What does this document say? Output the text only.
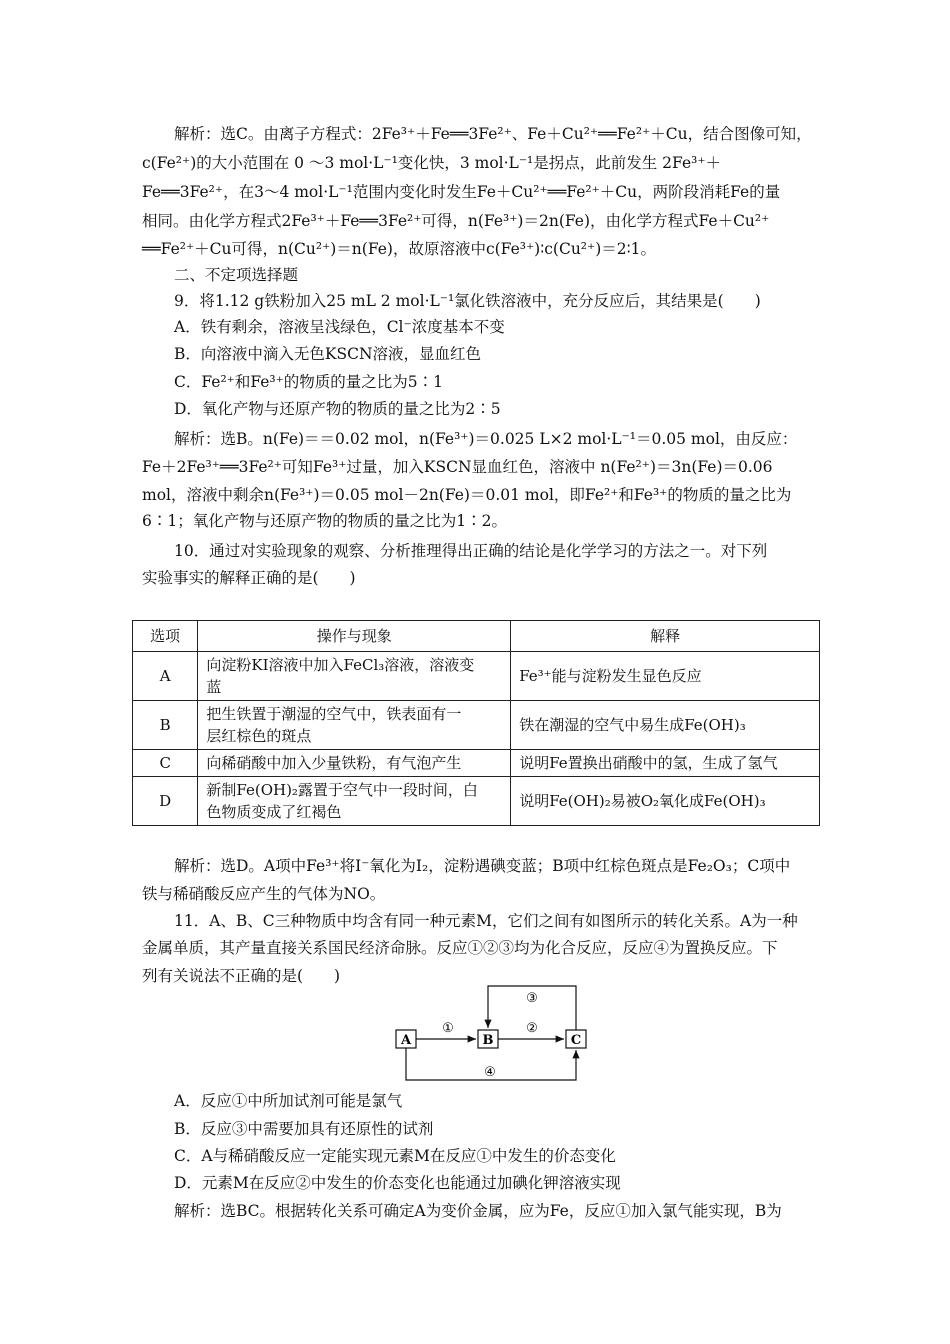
解析：选C。由离子方程式：2Fe³⁺＋Fe══3Fe²⁺、Fe＋Cu²⁺══Fe²⁺＋Cu，结合图像可知，
c(Fe²⁺)的大小范围在 0 ～3 mol·L⁻¹变化快，3 mol·L⁻¹是拐点，此前发生 2Fe³⁺＋
Fe══3Fe²⁺，在3～4 mol·L⁻¹范围内变化时发生Fe＋Cu²⁺══Fe²⁺＋Cu，两阶段消耗Fe的量
相同。由化学方程式2Fe³⁺＋Fe══3Fe²⁺可得，n(Fe³⁺)＝2n(Fe)，由化学方程式Fe＋Cu²⁺
══Fe²⁺＋Cu可得，n(Cu²⁺)＝n(Fe)，故原溶液中c(Fe³⁺)∶c(Cu²⁺)＝2∶1。
二、不定项选择题
9．将1.12 g铁粉加入25 mL 2 mol·L⁻¹氯化铁溶液中，充分反应后，其结果是(　　)
A．铁有剩余，溶液呈浅绿色，Cl⁻浓度基本不变
B．向溶液中滴入无色KSCN溶液，显血红色
C．Fe²⁺和Fe³⁺的物质的量之比为5∶1
D．氧化产物与还原产物的物质的量之比为2∶5
解析：选B。n(Fe)＝＝0.02 mol，n(Fe³⁺)＝0.025 L×2 mol·L⁻¹＝0.05 mol，由反应：
Fe＋2Fe³⁺══3Fe²⁺可知Fe³⁺过量，加入KSCN显血红色，溶液中 n(Fe²⁺)＝3n(Fe)＝0.06
mol，溶液中剩余n(Fe³⁺)＝0.05 mol－2n(Fe)＝0.01 mol，即Fe²⁺和Fe³⁺的物质的量之比为
6∶1；氧化产物与还原产物的物质的量之比为1∶2。
10．通过对实验现象的观察、分析推理得出正确的结论是化学学习的方法之一。对下列
实验事实的解释正确的是(　　)
选项	操作与现象	解释
A	向淀粉KI溶液中加入FeCl₃溶液，溶液变
蓝	Fe³⁺能与淀粉发生显色反应
B	把生铁置于潮湿的空气中，铁表面有一
层红棕色的斑点	铁在潮湿的空气中易生成Fe(OH)₃
C	向稀硝酸中加入少量铁粉，有气泡产生	说明Fe置换出硝酸中的氢，生成了氢气
D	新制Fe(OH)₂露置于空气中一段时间，白
色物质变成了红褐色	说明Fe(OH)₂易被O₂氧化成Fe(OH)₃
解析：选D。A项中Fe³⁺将I⁻氧化为I₂，淀粉遇碘变蓝；B项中红棕色斑点是Fe₂O₃；C项中
铁与稀硝酸反应产生的气体为NO。
11．A、B、C三种物质中均含有同一种元素M，它们之间有如图所示的转化关系。A为一种
金属单质，其产量直接关系国民经济命脉。反应①②③均为化合反应，反应④为置换反应。下
列有关说法不正确的是(　　)
A	B	C
①	②
③
④
A．反应①中所加试剂可能是氯气
B．反应③中需要加具有还原性的试剂
C．A与稀硝酸反应一定能实现元素M在反应①中发生的价态变化
D．元素M在反应②中发生的价态变化也能通过加碘化钾溶液实现
解析：选BC。根据转化关系可确定A为变价金属，应为Fe，反应①加入氯气能实现，B为
